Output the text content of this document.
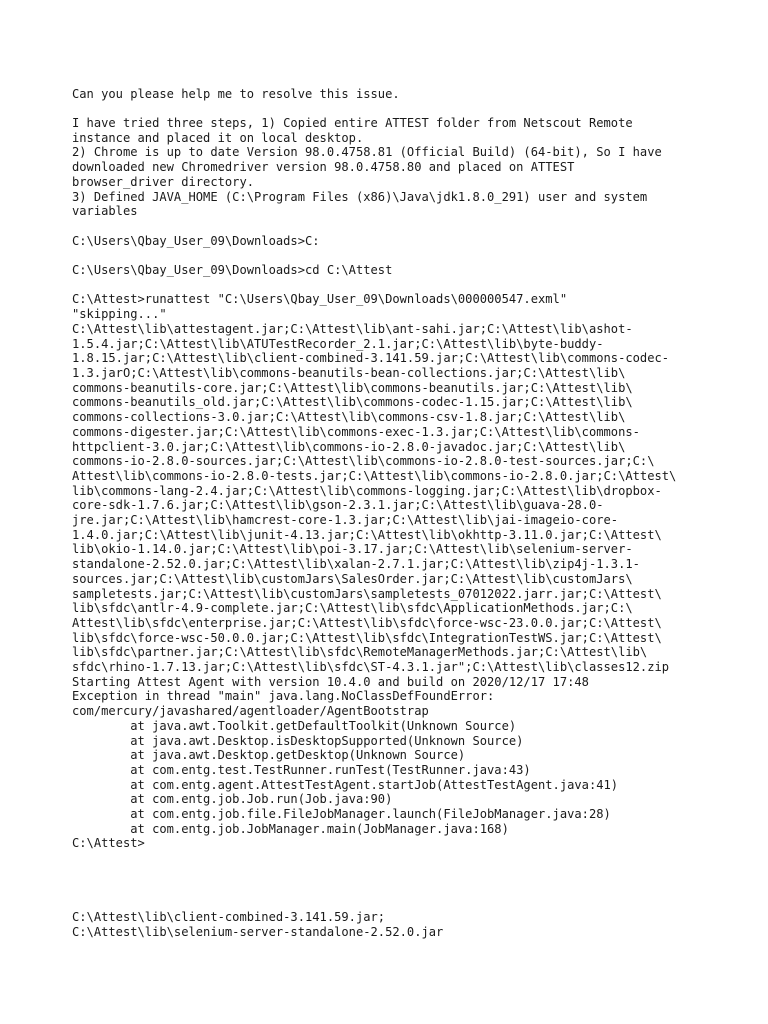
Can you please help me to resolve this issue.
I have tried three steps, 1) Copied entire ATTEST folder from Netscout Remote
instance and placed it on local desktop.
2) Chrome is up to date Version 98.0.4758.81 (Official Build) (64-bit), So I have
downloaded new Chromedriver version 98.0.4758.80 and placed on ATTEST
browser_driver directory.
3) Defined JAVA_HOME (C:\Program Files (x86)\Java\jdk1.8.0_291) user and system
variables
C:\Users\Qbay_User_09\Downloads>C:
C:\Users\Qbay_User_09\Downloads>cd C:\Attest
C:\Attest>runattest "C:\Users\Qbay_User_09\Downloads\000000547.exml"
"skipping..."
C:\Attest\lib\attestagent.jar;C:\Attest\lib\ant-sahi.jar;C:\Attest\lib\ashot-
1.5.4.jar;C:\Attest\lib\ATUTestRecorder_2.1.jar;C:\Attest\lib\byte-buddy-
1.8.15.jar;C:\Attest\lib\client-combined-3.141.59.jar;C:\Attest\lib\commons-codec-
1.3.jarO;C:\Attest\lib\commons-beanutils-bean-collections.jar;C:\Attest\lib\
commons-beanutils-core.jar;C:\Attest\lib\commons-beanutils.jar;C:\Attest\lib\
commons-beanutils_old.jar;C:\Attest\lib\commons-codec-1.15.jar;C:\Attest\lib\
commons-collections-3.0.jar;C:\Attest\lib\commons-csv-1.8.jar;C:\Attest\lib\
commons-digester.jar;C:\Attest\lib\commons-exec-1.3.jar;C:\Attest\lib\commons-
httpclient-3.0.jar;C:\Attest\lib\commons-io-2.8.0-javadoc.jar;C:\Attest\lib\
commons-io-2.8.0-sources.jar;C:\Attest\lib\commons-io-2.8.0-test-sources.jar;C:\
Attest\lib\commons-io-2.8.0-tests.jar;C:\Attest\lib\commons-io-2.8.0.jar;C:\Attest\
lib\commons-lang-2.4.jar;C:\Attest\lib\commons-logging.jar;C:\Attest\lib\dropbox-
core-sdk-1.7.6.jar;C:\Attest\lib\gson-2.3.1.jar;C:\Attest\lib\guava-28.0-
jre.jar;C:\Attest\lib\hamcrest-core-1.3.jar;C:\Attest\lib\jai-imageio-core-
1.4.0.jar;C:\Attest\lib\junit-4.13.jar;C:\Attest\lib\okhttp-3.11.0.jar;C:\Attest\
lib\okio-1.14.0.jar;C:\Attest\lib\poi-3.17.jar;C:\Attest\lib\selenium-server-
standalone-2.52.0.jar;C:\Attest\lib\xalan-2.7.1.jar;C:\Attest\lib\zip4j-1.3.1-
sources.jar;C:\Attest\lib\customJars\SalesOrder.jar;C:\Attest\lib\customJars\
sampletests.jar;C:\Attest\lib\customJars\sampletests_07012022.jarr.jar;C:\Attest\
lib\sfdc\antlr-4.9-complete.jar;C:\Attest\lib\sfdc\ApplicationMethods.jar;C:\
Attest\lib\sfdc\enterprise.jar;C:\Attest\lib\sfdc\force-wsc-23.0.0.jar;C:\Attest\
lib\sfdc\force-wsc-50.0.0.jar;C:\Attest\lib\sfdc\IntegrationTestWS.jar;C:\Attest\
lib\sfdc\partner.jar;C:\Attest\lib\sfdc\RemoteManagerMethods.jar;C:\Attest\lib\
sfdc\rhino-1.7.13.jar;C:\Attest\lib\sfdc\ST-4.3.1.jar";C:\Attest\lib\classes12.zip
Starting Attest Agent with version 10.4.0 and build on 2020/12/17 17:48
Exception in thread "main" java.lang.NoClassDefFoundError:
com/mercury/javashared/agentloader/AgentBootstrap
at java.awt.Toolkit.getDefaultToolkit(Unknown Source)
at java.awt.Desktop.isDesktopSupported(Unknown Source)
at java.awt.Desktop.getDesktop(Unknown Source)
at com.entg.test.TestRunner.runTest(TestRunner.java:43)
at com.entg.agent.AttestTestAgent.startJob(AttestTestAgent.java:41)
at com.entg.job.Job.run(Job.java:90)
at com.entg.job.file.FileJobManager.launch(FileJobManager.java:28)
at com.entg.job.JobManager.main(JobManager.java:168)
C:\Attest>
C:\Attest\lib\client-combined-3.141.59.jar;
C:\Attest\lib\selenium-server-standalone-2.52.0.jar
